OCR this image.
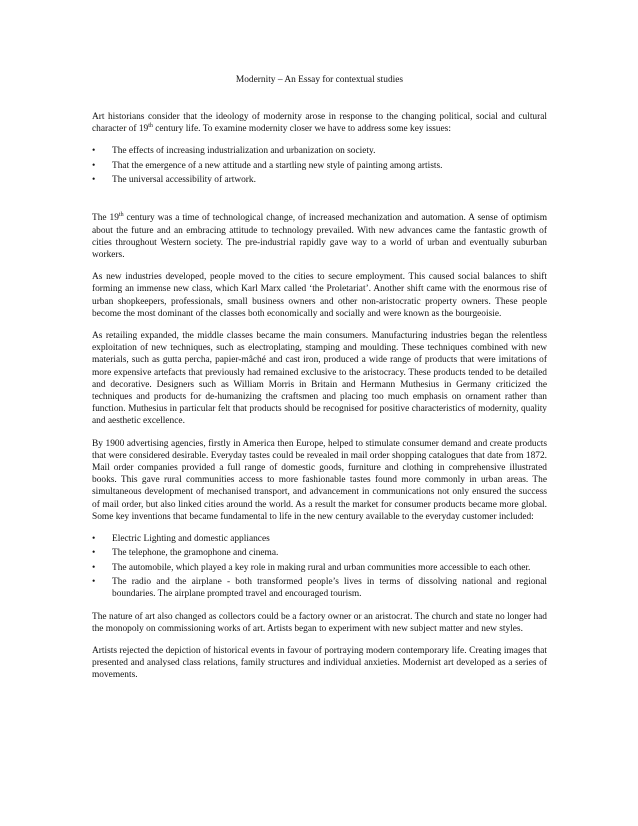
Modernity – An Essay for contextual studies

Art historians consider that the ideology of modernity arose in response to the changing political, social and cultural character of 19th century life. To examine modernity closer we have to address some key issues:

•	The effects of increasing industrialization and urbanization on society.
•	That the emergence of a new attitude and a startling new style of painting among artists.
•	The universal accessibility of artwork.

The 19th century was a time of technological change, of increased mechanization and automation. A sense of optimism about the future and an embracing attitude to technology prevailed. With new advances came the fantastic growth of cities throughout Western society. The pre-industrial rapidly gave way to a world of urban and eventually suburban workers.

As new industries developed, people moved to the cities to secure employment. This caused social balances to shift forming an immense new class, which Karl Marx called ‘the Proletariat’. Another shift came with the enormous rise of urban shopkeepers, professionals, small business owners and other non-aristocratic property owners. These people become the most dominant of the classes both economically and socially and were known as the bourgeoisie.

As retailing expanded, the middle classes became the main consumers. Manufacturing industries began the relentless exploitation of new techniques, such as electroplating, stamping and moulding. These techniques combined with new materials, such as gutta percha, papier-mâché and cast iron, produced a wide range of products that were imitations of more expensive artefacts that previously had remained exclusive to the aristocracy. These products tended to be detailed and decorative. Designers such as William Morris in Britain and Hermann Muthesius in Germany criticized the techniques and products for de-humanizing the craftsmen and placing too much emphasis on ornament rather than function. Muthesius in particular felt that products should be recognised for positive characteristics of modernity, quality and aesthetic excellence.

By 1900 advertising agencies, firstly in America then Europe, helped to stimulate consumer demand and create products that were considered desirable. Everyday tastes could be revealed in mail order shopping catalogues that date from 1872. Mail order companies provided a full range of domestic goods, furniture and clothing in comprehensive illustrated books. This gave rural communities access to more fashionable tastes found more commonly in urban areas. The simultaneous development of mechanised transport, and advancement in communications not only ensured the success of mail order, but also linked cities around the world. As a result the market for consumer products became more global. Some key inventions that became fundamental to life in the new century available to the everyday customer included:

•	Electric Lighting and domestic appliances
•	The telephone, the gramophone and cinema.
•	The automobile, which played a key role in making rural and urban communities more accessible to each other.
•	The radio and the airplane - both transformed people’s lives in terms of dissolving national and regional boundaries. The airplane prompted travel and encouraged tourism.

The nature of art also changed as collectors could be a factory owner or an aristocrat. The church and state no longer had the monopoly on commissioning works of art. Artists began to experiment with new subject matter and new styles.

Artists rejected the depiction of historical events in favour of portraying modern contemporary life. Creating images that presented and analysed class relations, family structures and individual anxieties. Modernist art developed as a series of movements.
